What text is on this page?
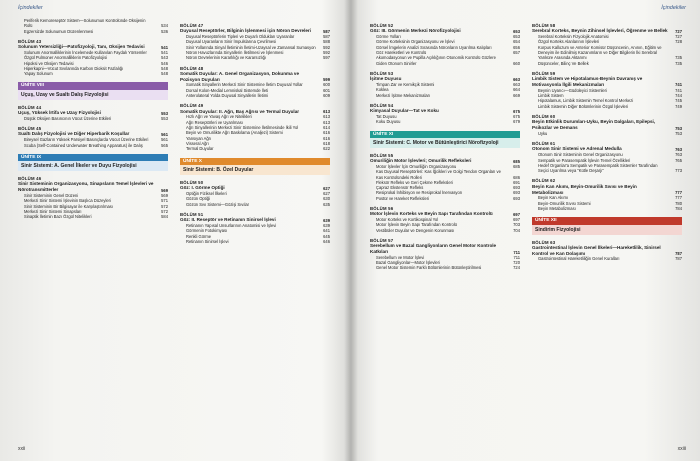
İçindekiler
Periferik Kemoreseptör Sistem—Solunumun Kontrolünde Oksijenin Rolü	534
Egzersizde Solunumun Düzenlenmesi	536
BÖLÜM 43
Solunum Yetersizliği—Patofizyoloji, Tanı, Oksijen Tedavisi	541
Solunum Anormalliklerinin İncelemede Kullanılan Faydalı Yöntemler	541
Özgül Pulmoner Anormalliklerin Patofizyolojisi	543
Hipoksi ve Oksijen Tedavisi	546
Hiperkapni—Vücut Sıvılarında Karbon Dioksit Fazlalığı	548
Yapay Solunum	548
ÜNİTE VIII
Uçuş, Uzay ve Sualtı Dalış Fizyolojisi
BÖLÜM 44
Uçuş, Yüksek İrtifa ve Uzay Fizyolojisi	553
Düşük Oksijen Basıncının Vücut Üzerine Etkileri	553
BÖLÜM 45
Sualtı Dalış Fizyolojisi ve Diğer Hiperbarik Koşullar	561
Bireysel Gazların Yüksek Parsiyel Basınçlarda Vücut Üzerine Etkileri	561
Scuba (Self-Contained Underwater Breathing Apparatus) ile Dalış	565
ÜNİTE IX
Sinir Sistemi: A. Genel İlkeler ve Duyu Fizyolojisi
BÖLÜM 46
Sinir Sisteminin Organizasyonu, Sinapsların Temel İşlevleri ve Nörotransmitterler	569
Sinir Sisteminin Genel Düzeni	569
Merkezi Sinir Sistemi İşlevinin Başlıca Düzeyleri	571
Sinir Sisteminin Bir Bilgisayar ile Karşılaştırılması	572
Merkezi Sinir Sistemi Sinapsları	572
Sinaptik İletimin Bazı Özgül Nitelikleri	584
BÖLÜM 47
Duyusal Reseptörler, Bilginin İşlenmesi için Nöron Devreleri	587
Duyusal Reseptörlerin Tipleri ve Duyarlı Oldukları Uyaranlar	587
Duyusal Uyaranların Sinir İmpulslarına Çevrilmesi	588
Sinir Yollarında Sinyal İletiminin İletimi-Uzaysal ve Zamansal Sumasyon 592
Nöron Havuzlarında Sinyallerin İletilmesi ve İşlenmesi	592
Nöron Devrelerinin Kararlılığı ve Kararsızlığı	597
BÖLÜM 48
Somatik Duyular: A. Genel Organizasyon, Dokunma ve Pozisyon Duyuları	599
Somatik Sinyallerin Merkezi Sinir Sistemine İletim Duyusal Yollar	600
Dorsal Kolon-Medial Lemniskal Sistemde İleti	601
Anterolateral Yolda Duyusal Sinyallerin İletimi	609
BÖLÜM 49
Somatik Duyular: II. Ağrı, Baş Ağrısı ve Termal Duyular	613
Hızlı Ağrı ve Yavaş Ağrı ve Nitelikleri	613
Ağrı Reseptörleri ve Uyarılması	613
Ağrı Sinyallerinin Merkezi Sinir Sistemine İletilmesinde İkili Yol	614
Beyin ve Omurilikte Ağrı Baskılama (Analjezi) Sistemi	616
Yansıyan Ağrı	616
Visseral Ağrı	618
Termal Duyular	622
ÜNİTE X
Sinir Sistemi: B. Özel Duyular
BÖLÜM 50
Göz: I. Görme Optiği	627
Optiğin Fiziksel İlkeleri	627
Gözün Optiği	630
Gözün Sıvı Sistemi—Gözişi Sıvılar	635
BÖLÜM 51
Göz: II. Reseptör ve Retinanın Sinirsel İşlevi	639
Retinanın Yapısal Unsurlarının Anatomisi ve İşlevi	639
Görmenin Fotokimyası	641
Renkli Görme	645
Retinanın Sinirsel İşlevi	646
xxii
İçindekiler
BÖLÜM 52
Göz: III. Görmenin Merkezi Nörofizyolojisi	653
Görme Yolları	653
Görme Korteksinin Organizasyonu ve İşlevi	654
Görsel İmgelerin Analizi Sırasında Nöronların Uyarılma Kalıpları	656
Göz Hareketleri ve Kontrolü	657
Akomodasyonun ve Pupilla Açıklığının Otonomik Kontrolü Gözlere Giden Otonom Sinirler	660
BÖLÜM 53
İşitme Duyusu	663
Timpan Zar ve Kemikçik Sistemi	663
Koklea	664
Merkezi İşitme Mekanizmaları	669
BÖLÜM 54
Kimyasal Duyular—Tat ve Koku	675
Tat Duyusu	675
Koku Duyusu	679
ÜNİTE XI
Sinir Sistemi: C. Motor ve Bütünleştirici Nörofizyoloji
BÖLÜM 55
Omuriliğin Motor İşlevleri; Omurilik Refleksleri	685
Motor İşlevler İçin Omuriliğin Organizasyonu	685
Kas Duyusal Reseptörleri: Kas İğcikleri ve Golgi Tendon Organları ve Kas Kontrolündeki Rolleri	686
Fleksör Refleks ve Geri Çekme Refleksleri	691
Çapraz Ekstensör Refleks	693
Resiprokal İnhibisyon ve Resiprokal İnervasyon	693
Postür ve Hareket Refleksleri	693
BÖLÜM 56
Motor İşlevin Korteks ve Beyin Sapı Tarafından Kontrolü	697
Motor Korteks ve Kortikospinal Yol	697
Motor İşlevin Beyin Sapı Tarafından Kontrolü	703
Vestibüler Duyular ve Dengenin Korunması	704
BÖLÜM 57
Serebellum ve Bazal Gangliyonların Genel Motor Kontrole Katkıları	711
Serebellum ve Motor İşlevi	711
Bazal Gangliyonlar—Motor İşlevleri	720
Genel Motor Sistemin Farklı Bölümlerinin Bütünleştirilmesi	724
BÖLÜM 58
Serebral Korteks, Beynin Zihinsel İşlevleri, Öğrenme ve Bellek 727
Serebral Korteksin Fizyolojik Anatomisi	727
Özgül Korteks Alanlarının İşlevleri	728
Korpus Kallozum ve Anterior Komisür Düşüncenin, Anının, Eğitim ve Deneyim ile Edinilmiş Kazanımların ve Diğer Bilgilerin İki Serebral Yarıküre Arasında Aktarımı	735
Düşünceler, Bilinç Ve Bellek	735
BÖLÜM 59
Limbik Sistem ve Hipotalamus-Beynin Davranış ve Motivasyonla İlgili Mekanizmaları	741
Beynin Uyarıcı—Güdüleyici Sistemleri	741
Limbik Sistem	744
Hipotalamus, Limbik Sistemin Temel Kontrol Merkezi	745
Limbik Sistemin Diğer Bölümlerinin Özgül İşlevleri	749
BÖLÜM 60
Beyin Etkinlik Durumları-Uyku, Beyin Dalgaları, Epilepsi, Psikozlar ve Demans	753
Uyku	753
BÖLÜM 61
Otonom Sinir Sistemi ve Adrenal Medulla	763
Otonom Sinir Sisteminin Genel Organizasyonu	763
Sempatik ve Parasempatik İşlevin Temel Özellikleri	765
Hedef Organlar'a Sempatik ve Parasempatik Sistemler Tarafından Seçici Uyarılma veya "Kütle Deşarjı"	773
BÖLÜM 62
Beyin Kan Akımı, Beyin-Omurilik Sıvısı ve Beyin Metabolizması	777
Beyin Kan Akımı	777
Beyin-Omurilik Sıvısı Sistemi	780
Beyin Metabolizması	784
ÜNİTE XII
Sindirim Fizyolojisi
BÖLÜM 63
Gastrointestinal İşlevin Genel İlkeleri—Hareketlilik, Sinirsel Kontrol ve Kan Dolaşımı	787
Gastrointestinal Hareketliliğin Genel Kuralları	787
xxiii
